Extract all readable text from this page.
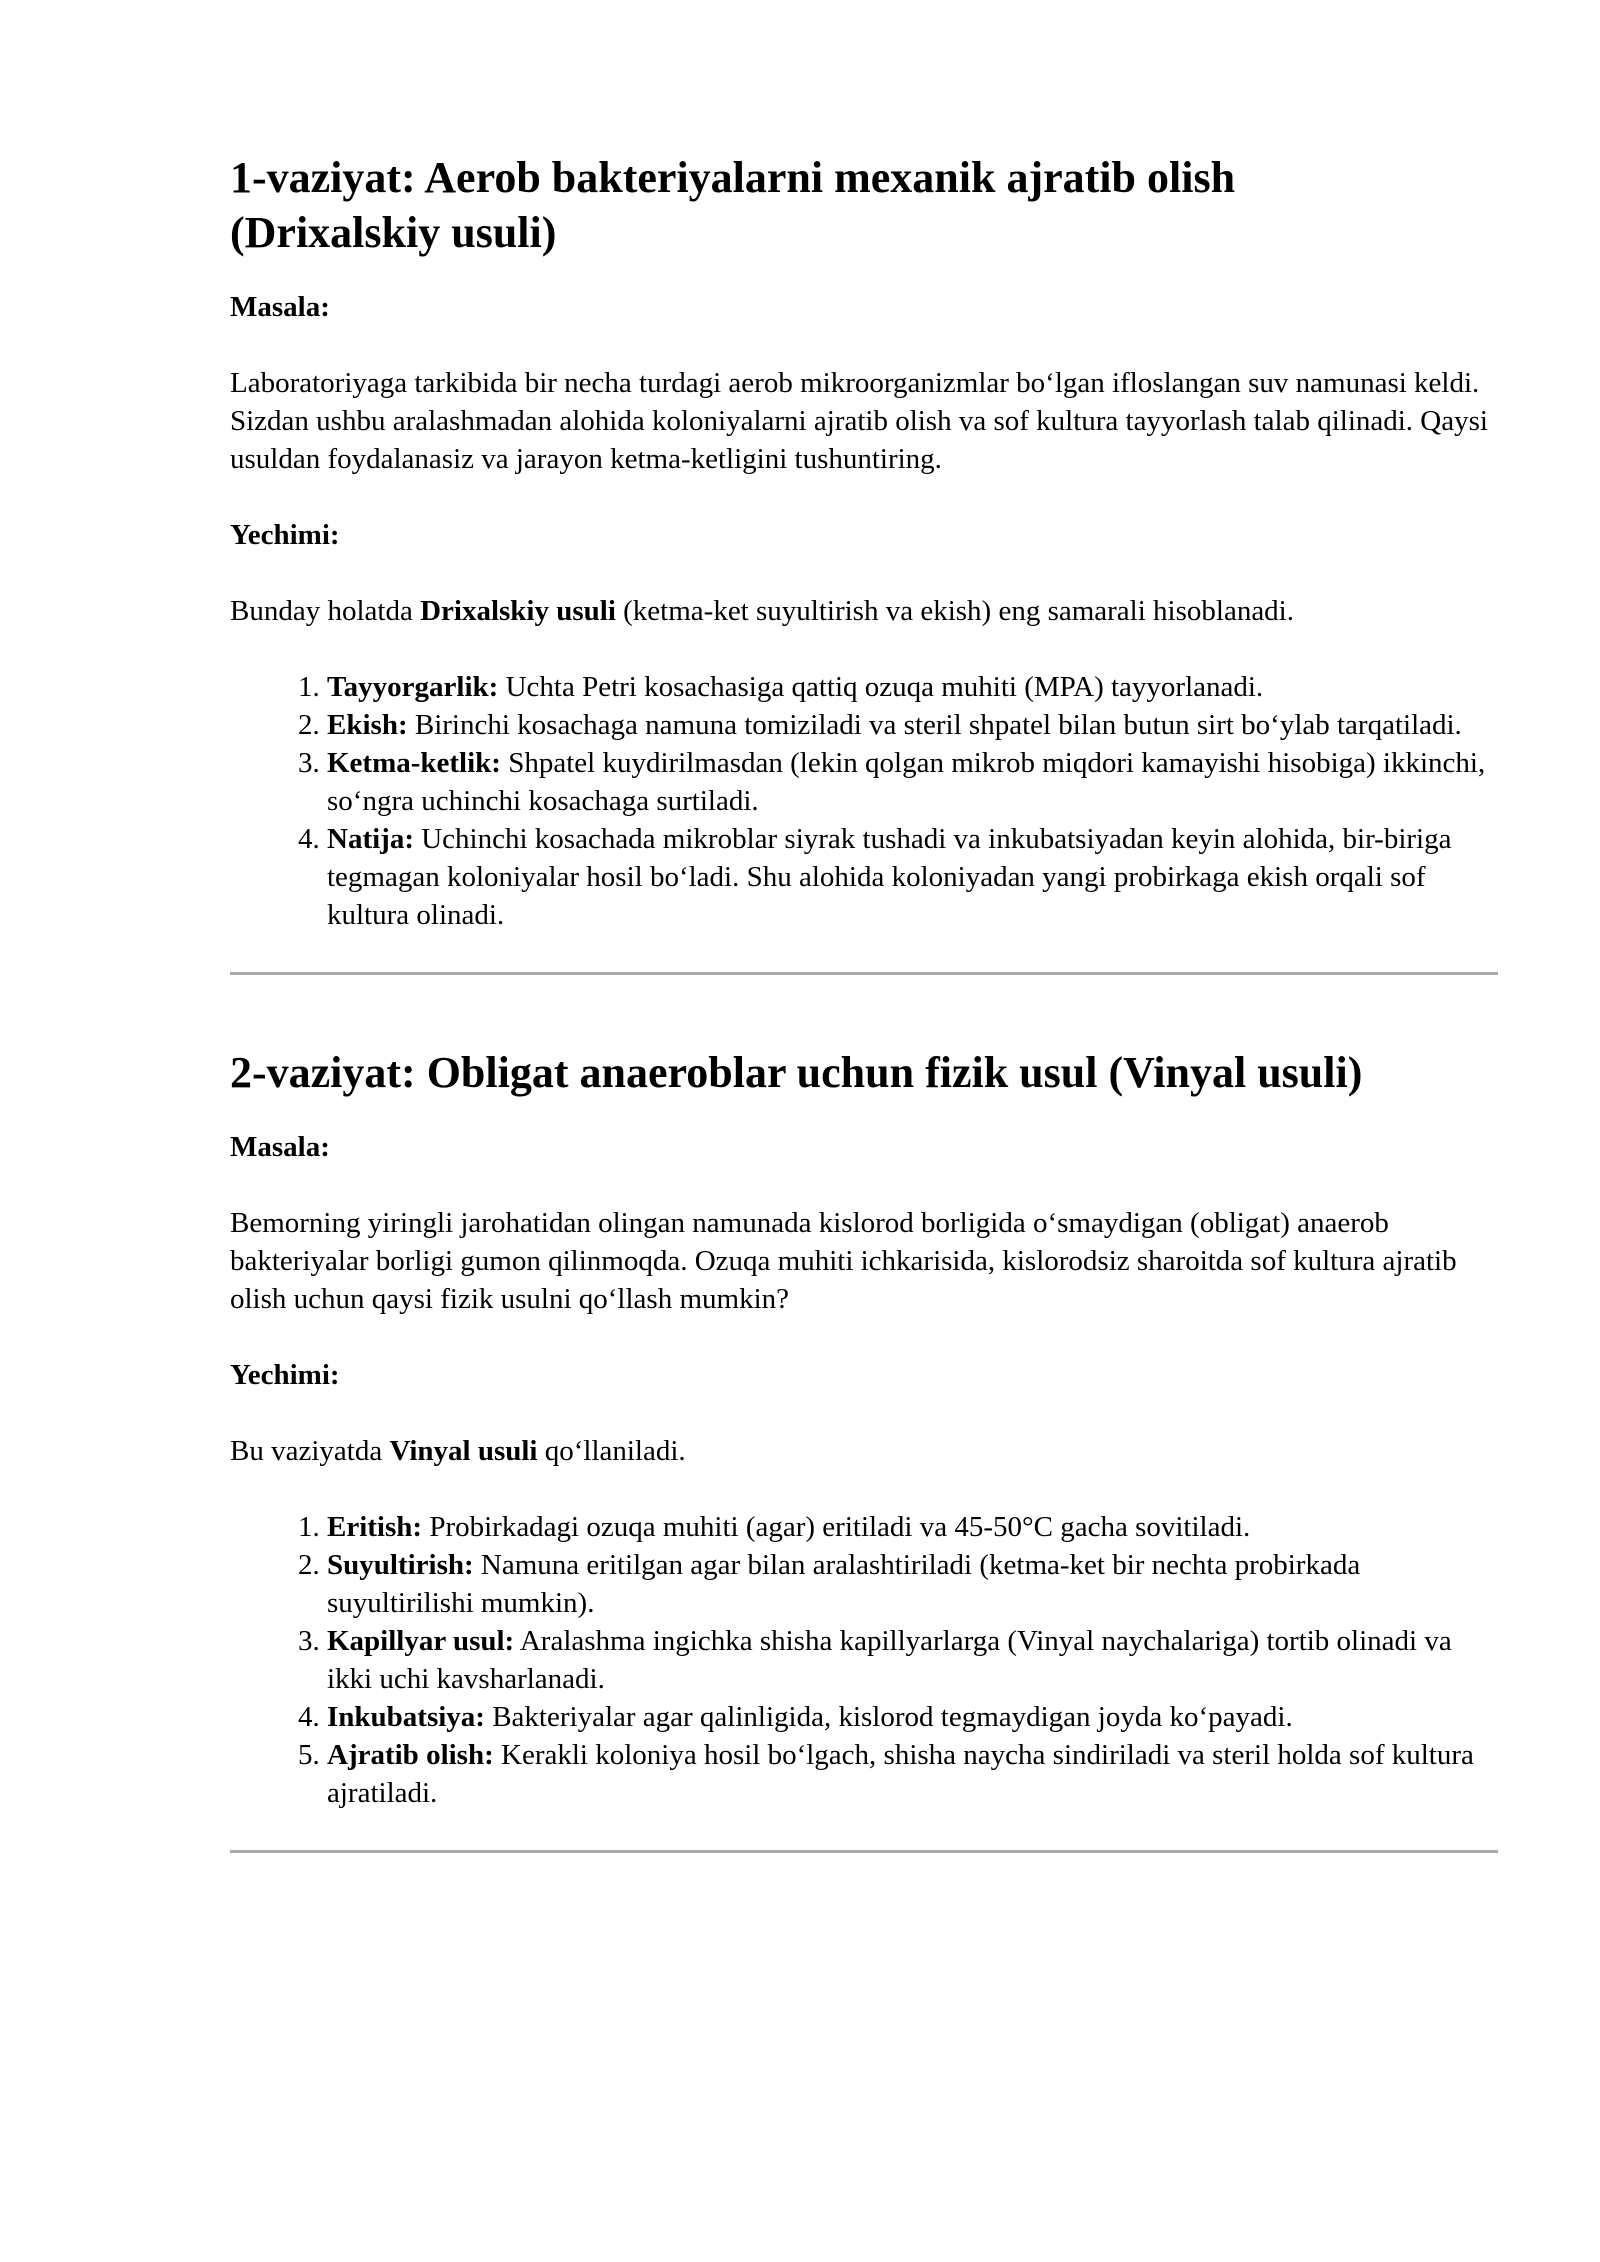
1-vaziyat: Aerob bakteriyalarni mexanik ajratib olish (Drixalskiy usuli)

Masala:

Laboratoriyaga tarkibida bir necha turdagi aerob mikroorganizmlar bo‘lgan ifloslangan suv namunasi keldi. Sizdan ushbu aralashmadan alohida koloniyalarni ajratib olish va sof kultura tayyorlash talab qilinadi. Qaysi usuldan foydalanasiz va jarayon ketma-ketligini tushuntiring.

Yechimi:

Bunday holatda Drixalskiy usuli (ketma-ket suyultirish va ekish) eng samarali hisoblanadi.

1. Tayyorgarlik: Uchta Petri kosachasiga qattiq ozuqa muhiti (MPA) tayyorlanadi.
2. Ekish: Birinchi kosachaga namuna tomiziladi va steril shpatel bilan butun sirt bo‘ylab tarqatiladi.
3. Ketma-ketlik: Shpatel kuydirilmasdan (lekin qolgan mikrob miqdori kamayishi hisobiga) ikkinchi, so‘ngra uchinchi kosachaga surtiladi.
4. Natija: Uchinchi kosachada mikroblar siyrak tushadi va inkubatsiyadan keyin alohida, bir-biriga tegmagan koloniyalar hosil bo‘ladi. Shu alohida koloniyadan yangi probirkaga ekish orqali sof kultura olinadi.
2-vaziyat: Obligat anaeroblar uchun fizik usul (Vinyal usuli)

Masala:

Bemorning yiringli jarohatidan olingan namunada kislorod borligida o‘smaydigan (obligat) anaerob bakteriyalar borligi gumon qilinmoqda. Ozuqa muhiti ichkarisida, kislorodsiz sharoitda sof kultura ajratib olish uchun qaysi fizik usulni qo‘llash mumkin?

Yechimi:

Bu vaziyatda Vinyal usuli qo‘llaniladi.

1. Eritish: Probirkadagi ozuqa muhiti (agar) eritiladi va 45-50°C gacha sovitiladi.
2. Suyultirish: Namuna eritilgan agar bilan aralashtiriladi (ketma-ket bir nechta probirkada suyultirilishi mumkin).
3. Kapillyar usul: Aralashma ingichka shisha kapillyarlarga (Vinyal naychalariga) tortib olinadi va ikki uchi kavsharlanadi.
4. Inkubatsiya: Bakteriyalar agar qalinligida, kislorod tegmaydigan joyda ko‘payadi.
5. Ajratib olish: Kerakli koloniya hosil bo‘lgach, shisha naycha sindiriladi va steril holda sof kultura ajratiladi.
